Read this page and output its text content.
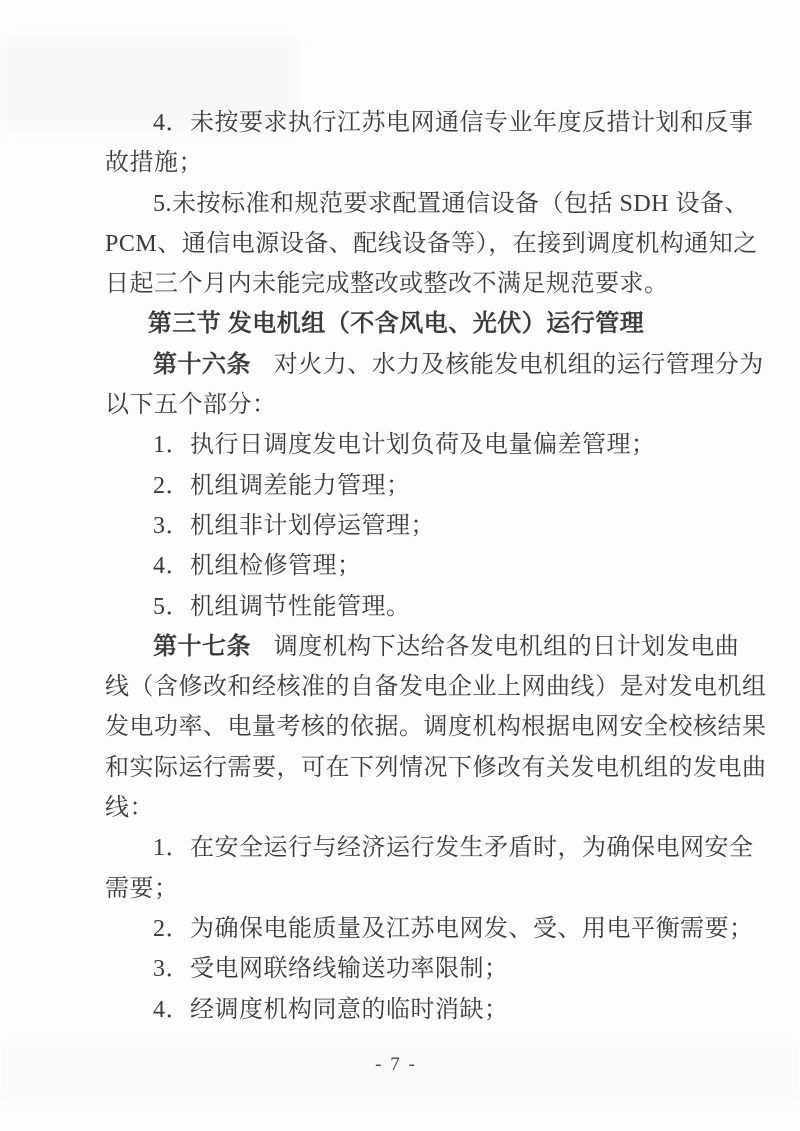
4．未按要求执行江苏电网通信专业年度反措计划和反事
故措施；
5.未按标准和规范要求配置通信设备（包括 SDH 设备、
PCM、通信电源设备、配线设备等），在接到调度机构通知之
日起三个月内未能完成整改或整改不满足规范要求。
第三节 发电机组（不含风电、光伏）运行管理
第十六条 对火力、水力及核能发电机组的运行管理分为
以下五个部分：
1．执行日调度发电计划负荷及电量偏差管理；
2．机组调差能力管理；
3．机组非计划停运管理；
4．机组检修管理；
5．机组调节性能管理。
第十七条 调度机构下达给各发电机组的日计划发电曲
线（含修改和经核准的自备发电企业上网曲线）是对发电机组
发电功率、电量考核的依据。调度机构根据电网安全校核结果
和实际运行需要，可在下列情况下修改有关发电机组的发电曲
线：
1．在安全运行与经济运行发生矛盾时，为确保电网安全
需要；
2．为确保电能质量及江苏电网发、受、用电平衡需要；
3．受电网联络线输送功率限制；
4．经调度机构同意的临时消缺；
- 7 -
